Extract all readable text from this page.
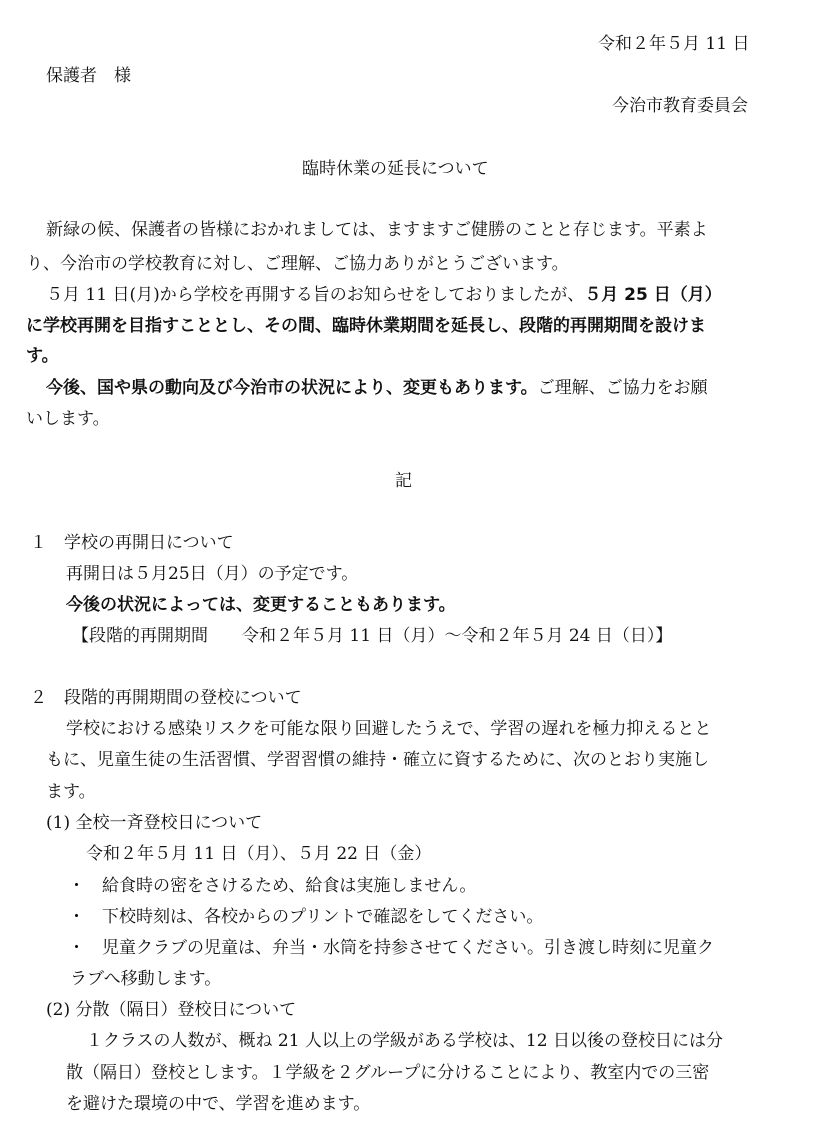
令和２年５月 11 日
保護者　様
今治市教育委員会
臨時休業の延長について
新緑の候、保護者の皆様におかれましては、ますますご健勝のことと存じます。平素よ
り、今治市の学校教育に対し、ご理解、ご協力ありがとうございます。
５月 11 日(月)から学校を再開する旨のお知らせをしておりましたが、５月 25 日（月）
に学校再開を目指すこととし、その間、臨時休業期間を延長し、段階的再開期間を設けま
す。
今後、国や県の動向及び今治市の状況により、変更もあります。ご理解、ご協力をお願
いします。
記
１　学校の再開日について
再開日は５月25日（月）の予定です。
今後の状況によっては、変更することもあります。
【段階的再開期間　　令和２年５月 11 日（月）～令和２年５月 24 日（日）】
２　段階的再開期間の登校について
学校における感染リスクを可能な限り回避したうえで、学習の遅れを極力抑えるとと
もに、児童生徒の生活習慣、学習習慣の維持・確立に資するために、次のとおり実施し
ます。
(1) 全校一斉登校日について
令和２年５月 11 日（月）、５月 22 日（金）
・ 給食時の密をさけるため、給食は実施しません。
・ 下校時刻は、各校からのプリントで確認をしてください。
・ 児童クラブの児童は、弁当・水筒を持参させてください。引き渡し時刻に児童ク
ラブへ移動します。
(2) 分散（隔日）登校日について
１クラスの人数が、概ね 21 人以上の学級がある学校は、12 日以後の登校日には分
散（隔日）登校とします。１学級を２グループに分けることにより、教室内での三密
を避けた環境の中で、学習を進めます。
